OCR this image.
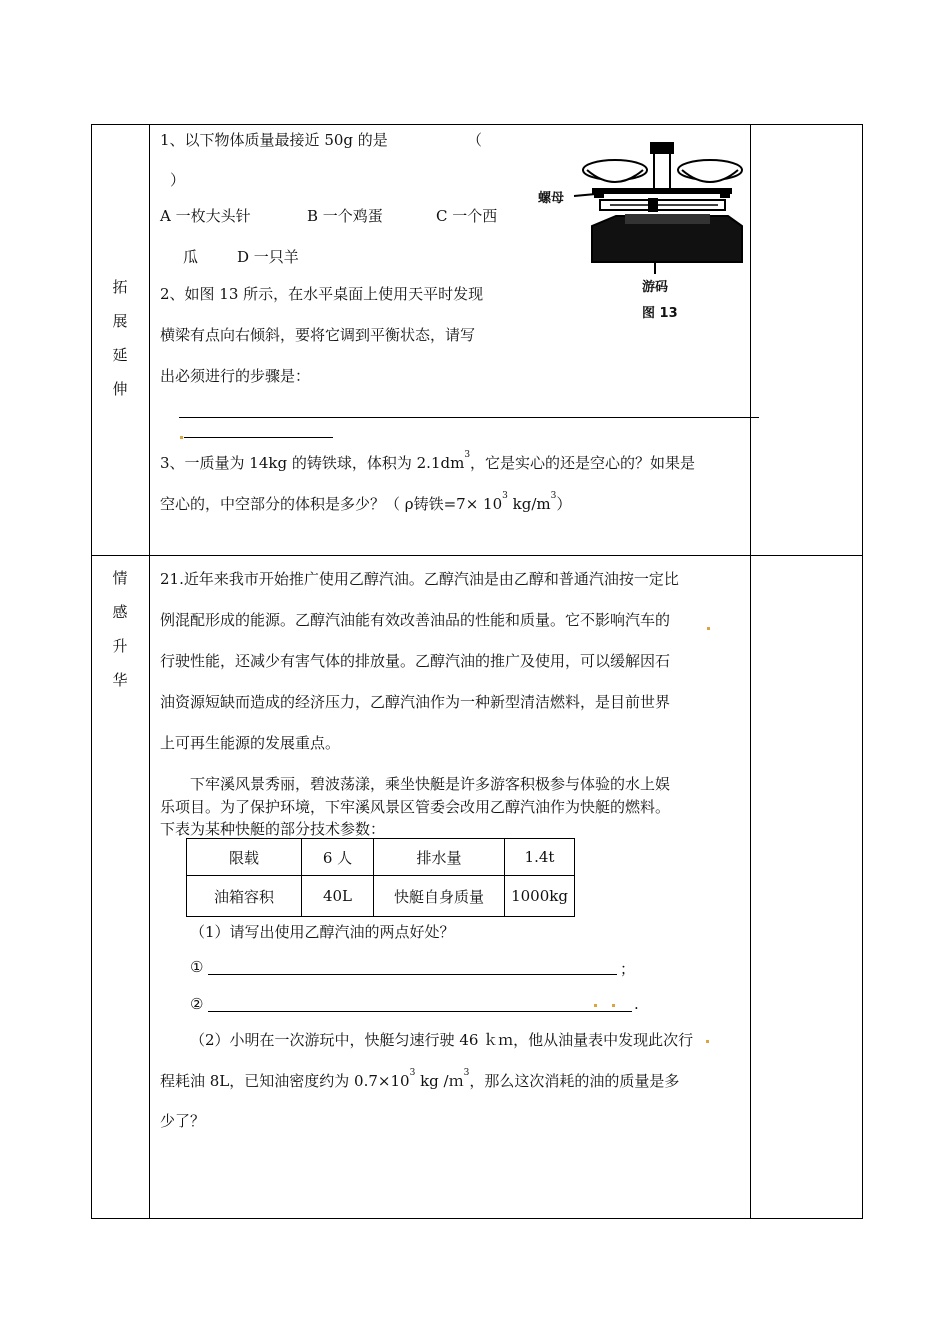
拓
展
延
伸
情
感
升
华
1、以下物体质量最接近 50g 的是	（
）
A 一枚大头针	B 一个鸡蛋	C 一个西
瓜	D 一只羊
螺母
游码
图 13
2、如图 13 所示，在水平桌面上使用天平时发现
横梁有点向右倾斜，要将它调到平衡状态，请写
出必须进行的步骤是：
3、一质量为 14kg 的铸铁球，体积为 $2.1dm^3$，它是实心的还是空心的？如果是
空心的，中空部分的体积是多少？（ ρ铸铁$=7\times 10^3$ $kg/m^3$）
21.近年来我市开始推广使用乙醇汽油。乙醇汽油是由乙醇和普通汽油按一定比
例混配形成的能源。乙醇汽油能有效改善油品的性能和质量。它不影响汽车的
行驶性能，还减少有害气体的排放量。乙醇汽油的推广及使用，可以缓解因石
油资源短缺而造成的经济压力，乙醇汽油作为一种新型清洁燃料，是目前世界
上可再生能源的发展重点。
下牢溪风景秀丽，碧波荡漾，乘坐快艇是许多游客积极参与体验的水上娱
乐项目。为了保护环境，下牢溪风景区管委会改用乙醇汽油作为快艇的燃料。
下表为某种快艇的部分技术参数：
限载	6 人	排水量	1.4t
油箱容积	40L	快艇自身质量	1000kg
（1）请写出使用乙醇汽油的两点好处？
①	；
②	.
（2）小明在一次游玩中，快艇匀速行驶 46 ｋｍ，他从油量表中发现此次行
程耗油 8L，已知油密度约为 $0.7\times 10^3$ kg /ｍ$^3$，那么这次消耗的油的质量是多
少了？
